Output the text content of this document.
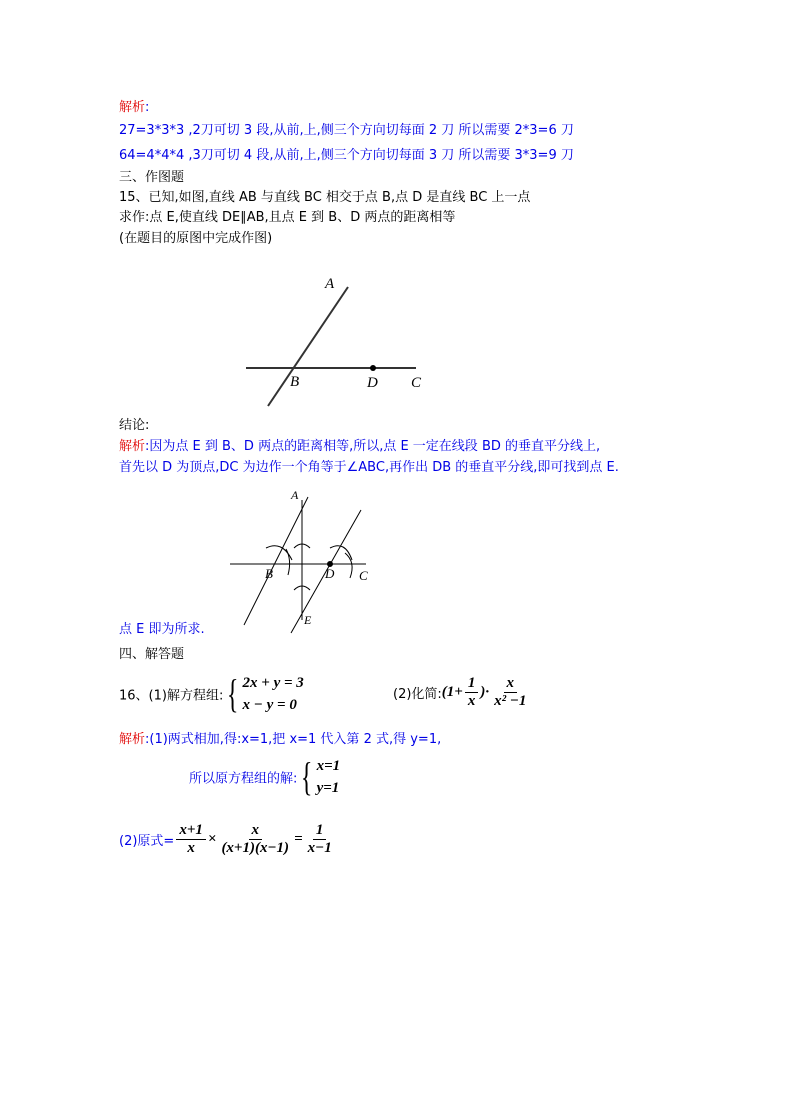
解析:
27=3*3*3 ,2刀可切 3 段,从前,上,侧三个方向切每面 2 刀 所以需要 2*3=6 刀
64=4*4*4 ,3刀可切 4 段,从前,上,侧三个方向切每面 3 刀 所以需要 3*3=9 刀
三、作图题
15、已知,如图,直线 AB 与直线 BC 相交于点 B,点 D 是直线 BC 上一点
求作:点 E,使直线 DE∥AB,且点 E 到 B、D 两点的距离相等
(在题目的原图中完成作图)
A
B	D C
A
B	D C
E
结论:
解析:因为点 E 到 B、D 两点的距离相等,所以,点 E 一定在线段 BD 的垂直平分线上,
首先以 D 为顶点,DC 为边作一个角等于∠ABC,再作出 DB 的垂直平分线,即可找到点 E.
点 E 即为所求.
四、解答题
16、(1)解方程组: { 2x + y = 3
x − y = 0
(2)化简:(1+ $\frac{1}{x}$ )· $\frac{x}{\text{x² −1}}$
解析:(1)两式相加,得:x=1,把 x=1 代入第 2 式,得 y=1,
所以原方程组的解: { x=1
y=1
(2)原式= $\frac{x+1}{x} \times \frac{x}{(x+1)(x-1)} = \frac{1}{x-1}$
